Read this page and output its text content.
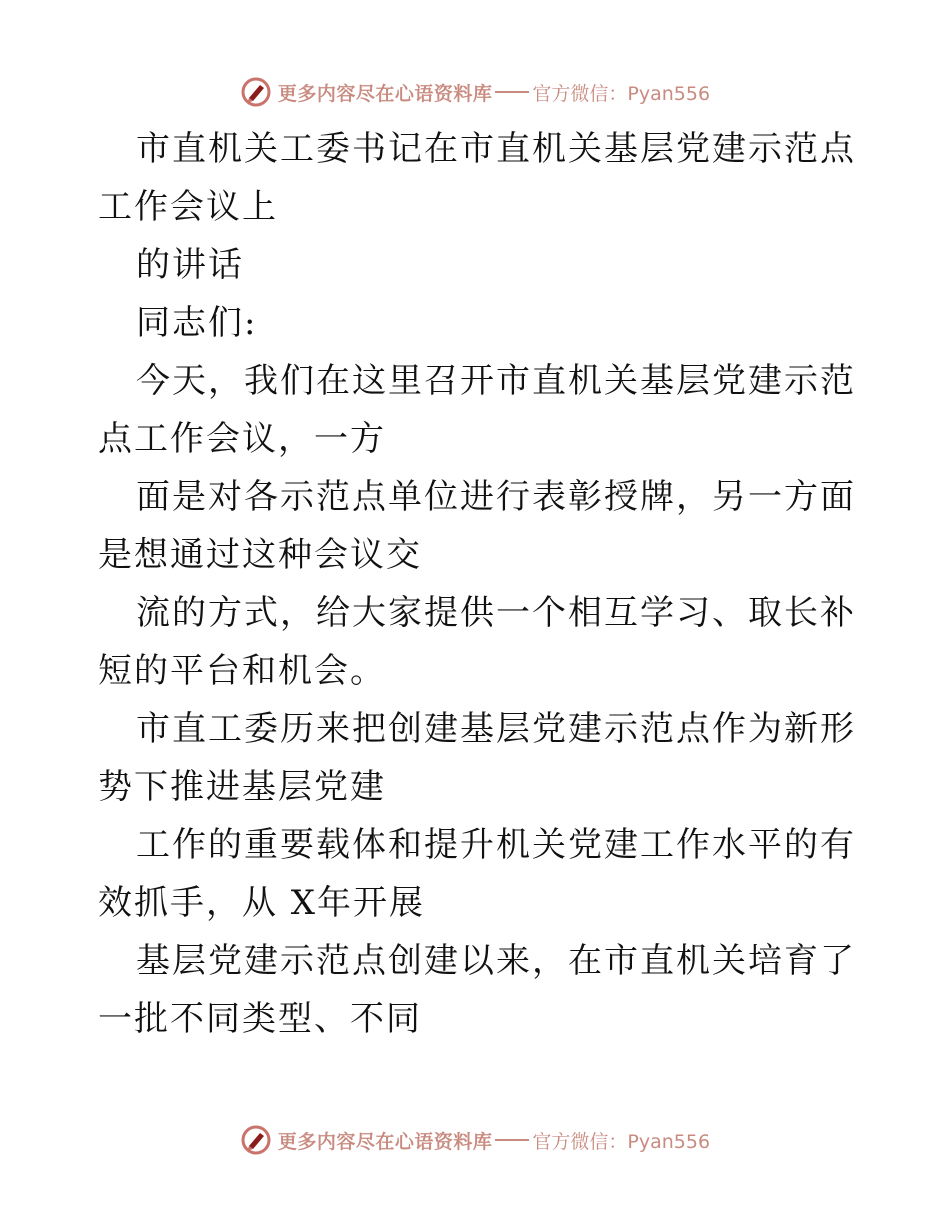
更多内容尽在心语资料库 官方微信：Pyan556

市直机关工委书记在市直机关基层党建示范点工作会议上

的讲话

同志们:

今天，我们在这里召开市直机关基层党建示范点工作会议，一方

面是对各示范点单位进行表彰授牌，另一方面是想通过这种会议交

流的方式，给大家提供一个相互学习、取长补短的平台和机会。

市直工委历来把创建基层党建示范点作为新形势下推进基层党建

工作的重要载体和提升机关党建工作水平的有效抓手，从 X年开展

基层党建示范点创建以来，在市直机关培育了一批不同类型、不同

更多内容尽在心语资料库 官方微信：Pyan556
